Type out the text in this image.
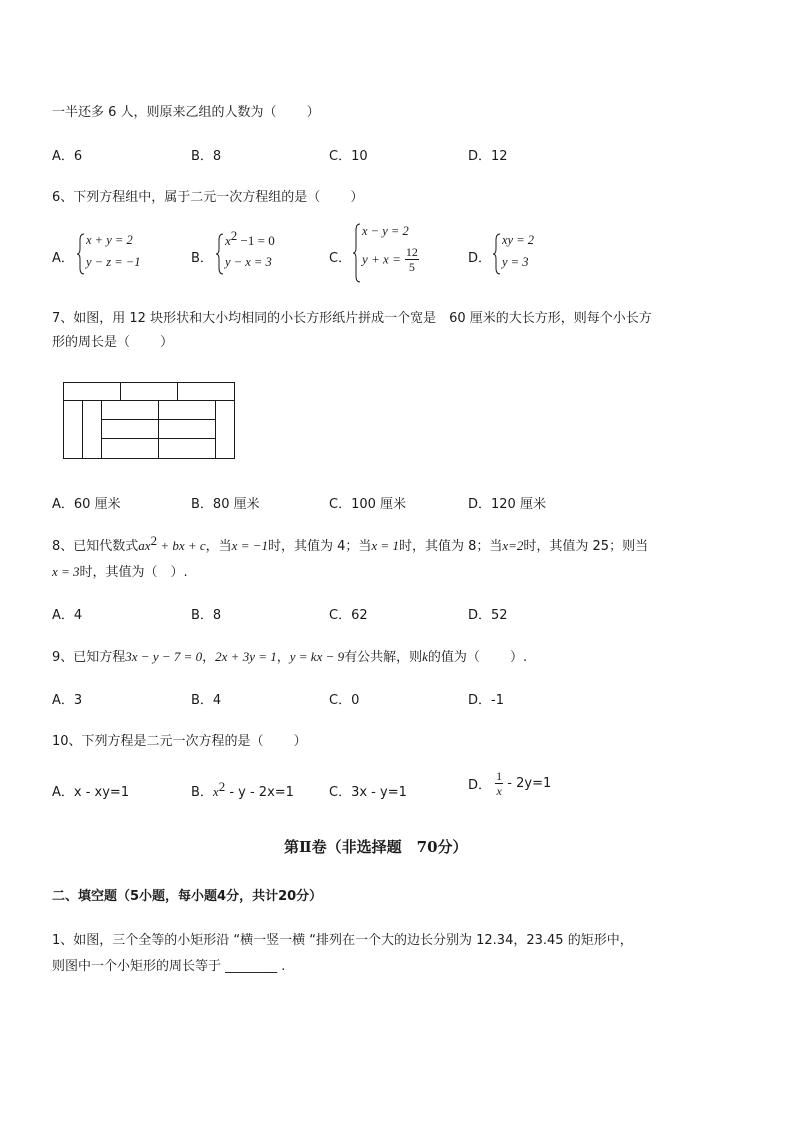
一半还多 6 人，则原来乙组的人数为（　　 ）
A．6	B．8	C．10	D．12
6、下列方程组中，属于二元一次方程组的是（　　 ）
A．
x + y = 2
y − z = −1	B．
$x^2 -1 = 0$
y − x = 3	C．
x − y = 2
$y + x = \frac{12}{5}$	D．
xy = 2
y = 3
7、如图，用 12 块形状和大小均相同的小长方形纸片拼成一个宽是　60 厘米的大长方形，则每个小长方
形的周长是（　　 ）
A．60 厘米	B．80 厘米	C．100 厘米	D．120 厘米
8、已知代数式$ax^2$ + bx + c，当x = −1时，其值为 4；当x = 1时，其值为 8；当x=2时，其值为 25；则当
x = 3时，其值为（　）.
A．4	B．8	C．62	D．52
9、已知方程3x − y − 7 = 0，2x + 3y = 1，y = kx − 9有公共解，则k的值为（　　 ）.
A．3	B．4	C．0	D．-1
10、下列方程是二元一次方程的是（　　 ）
A．x - xy=1	B．$x^2 - y - 2x=1$	C．3x - y=1	D． $\frac{1}{x} - 2y=1$
第Ⅱ卷（非选择题　70分）
二、填空题（5小题，每小题4分，共计20分）
1、如图，三个全等的小矩形沿 “横一竖一横 “排列在一个大的边长分别为 12.34，23.45 的矩形中，
则图中一个小矩形的周长等于 ________ .
